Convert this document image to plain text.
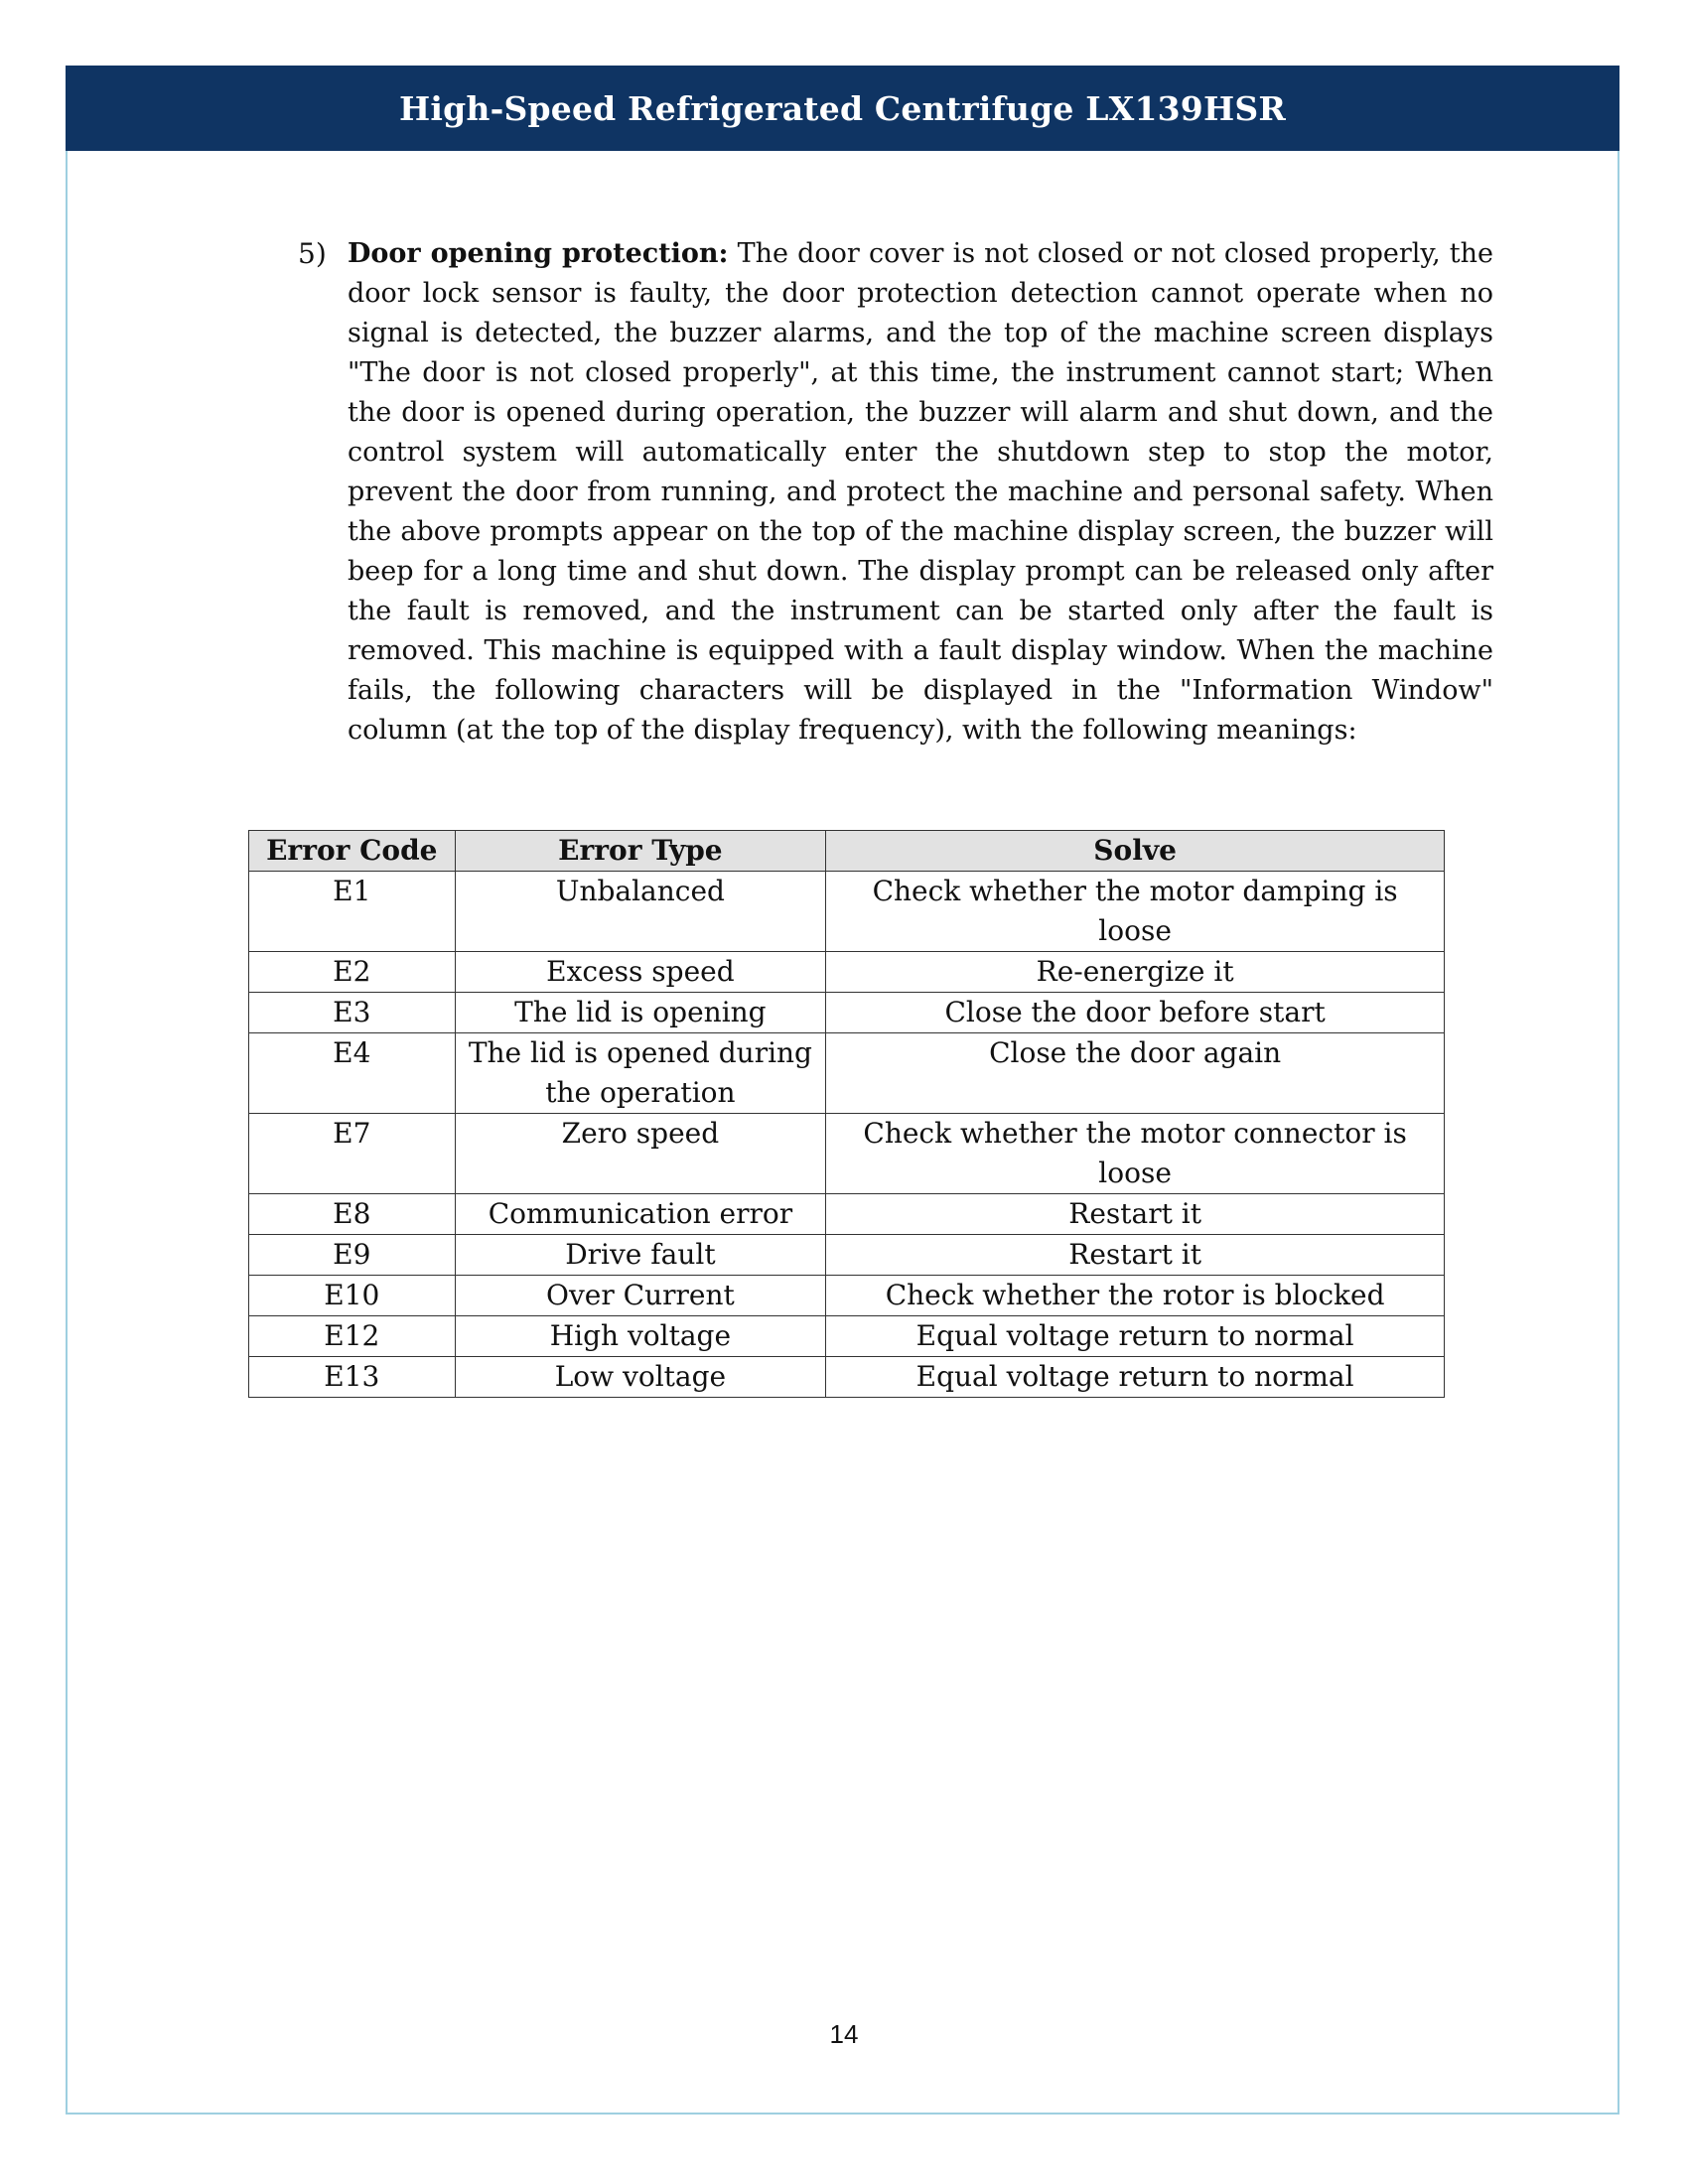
High-Speed Refrigerated Centrifuge LX139HSR
5) Door opening protection: The door cover is not closed or not closed properly, the door lock sensor is faulty, the door protection detection cannot operate when no signal is detected, the buzzer alarms, and the top of the machine screen displays "The door is not closed properly", at this time, the instrument cannot start; When the door is opened during operation, the buzzer will alarm and shut down, and the control system will automatically enter the shutdown step to stop the motor, prevent the door from running, and protect the machine and personal safety. When the above prompts appear on the top of the machine display screen, the buzzer will beep for a long time and shut down. The display prompt can be released only after the fault is removed, and the instrument can be started only after the fault is removed. This machine is equipped with a fault display window. When the machine fails, the following characters will be displayed in the "Information Window" column (at the top of the display frequency), with the following meanings:
Error Code	Error Type	Solve
E1	Unbalanced	Check whether the motor damping is loose
E2	Excess speed	Re-energize it
E3	The lid is opening	Close the door before start
E4	The lid is opened during the operation	Close the door again
E7	Zero speed	Check whether the motor connector is loose
E8	Communication error	Restart it
E9	Drive fault	Restart it
E10	Over Current	Check whether the rotor is blocked
E12	High voltage	Equal voltage return to normal
E13	Low voltage	Equal voltage return to normal
14
